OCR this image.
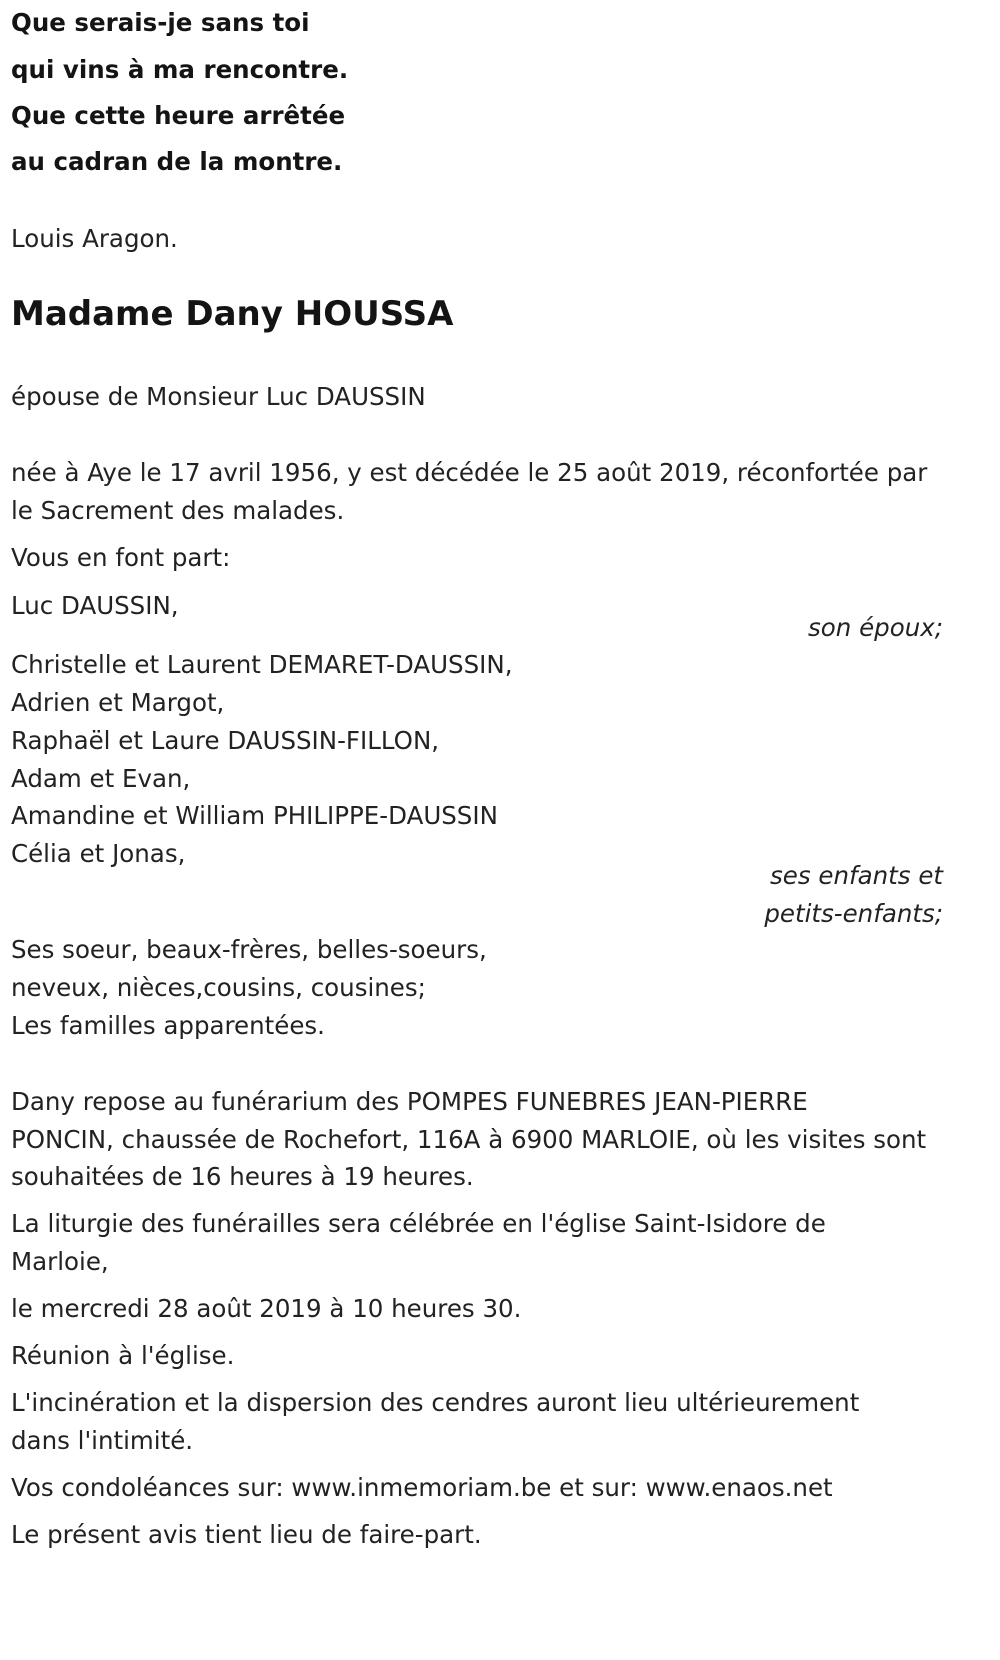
Que serais-je sans toi
qui vins à ma rencontre.
Que cette heure arrêtée
au cadran de la montre.
Louis Aragon.
Madame Dany HOUSSA
épouse de Monsieur Luc DAUSSIN
née à Aye le 17 avril 1956, y est décédée le 25 août 2019, réconfortée par
le Sacrement des malades.
Vous en font part:
Luc DAUSSIN,
son époux;
Christelle et Laurent DEMARET-DAUSSIN,
Adrien et Margot,
Raphaël et Laure DAUSSIN-FILLON,
Adam et Evan,
Amandine et William PHILIPPE-DAUSSIN
Célia et Jonas,
ses enfants et
petits-enfants;
Ses soeur, beaux-frères, belles-soeurs,
neveux, nièces,cousins, cousines;
Les familles apparentées.
Dany repose au funérarium des POMPES FUNEBRES JEAN-PIERRE
PONCIN, chaussée de Rochefort, 116A à 6900 MARLOIE, où les visites sont
souhaitées de 16 heures à 19 heures.
La liturgie des funérailles sera célébrée en l'église Saint-Isidore de
Marloie,
le mercredi 28 août 2019 à 10 heures 30.
Réunion à l'église.
L'incinération et la dispersion des cendres auront lieu ultérieurement
dans l'intimité.
Vos condoléances sur: www.inmemoriam.be et sur: www.enaos.net
Le présent avis tient lieu de faire-part.
